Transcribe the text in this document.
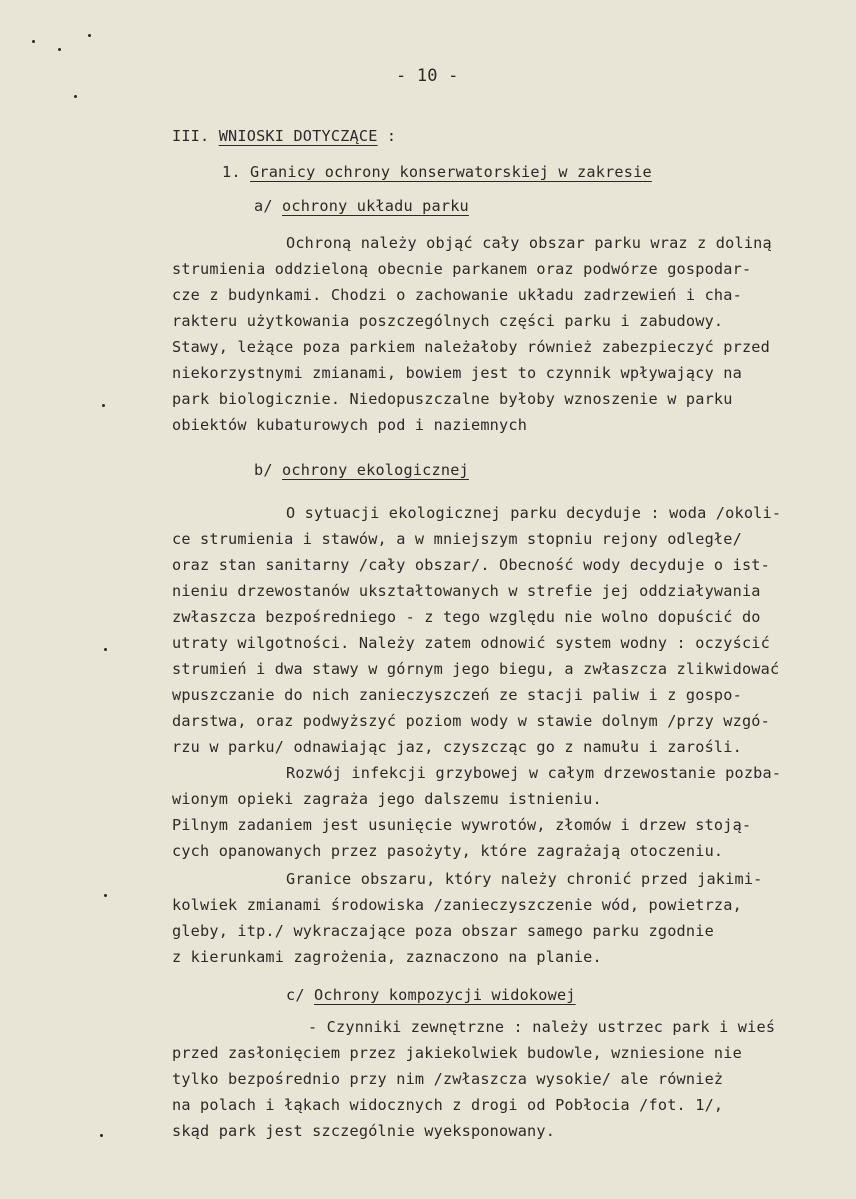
- 10 -
III. WNIOSKI DOTYCZĄCE :
1. Granicy ochrony konserwatorskiej w zakresie
a/ ochrony układu parku
Ochroną należy objąć cały obszar parku wraz z doliną
strumienia oddzieloną obecnie parkanem oraz podwórze gospodar-
cze z budynkami. Chodzi o zachowanie układu zadrzewień i cha-
rakteru użytkowania poszczególnych części parku i zabudowy.
Stawy, leżące poza parkiem należałoby również zabezpieczyć przed
niekorzystnymi zmianami, bowiem jest to czynnik wpływający na
park biologicznie. Niedopuszczalne byłoby wznoszenie w parku
obiektów kubaturowych pod i naziemnych
b/ ochrony ekologicznej
O sytuacji ekologicznej parku decyduje : woda /okoli-
ce strumienia i stawów, a w mniejszym stopniu rejony odległe/
oraz stan sanitarny /cały obszar/. Obecność wody decyduje o ist-
nieniu drzewostanów ukształtowanych w strefie jej oddziaływania
zwłaszcza bezpośredniego - z tego względu nie wolno dopuścić do
utraty wilgotności. Należy zatem odnowić system wodny : oczyścić
strumień i dwa stawy w górnym jego biegu, a zwłaszcza zlikwidować
wpuszczanie do nich zanieczyszczeń ze stacji paliw i z gospo-
darstwa, oraz podwyższyć poziom wody w stawie dolnym /przy wzgó-
rzu w parku/ odnawiając jaz, czyszcząc go z namułu i zarośli.
Rozwój infekcji grzybowej w całym drzewostanie pozba-
wionym opieki zagraża jego dalszemu istnieniu.
Pilnym zadaniem jest usunięcie wywrotów, złomów i drzew stoją-
cych opanowanych przez pasożyty, które zagrażają otoczeniu.
Granice obszaru, który należy chronić przed jakimi-
kolwiek zmianami środowiska /zanieczyszczenie wód, powietrza,
gleby, itp./ wykraczające poza obszar samego parku zgodnie
z kierunkami zagrożenia, zaznaczono na planie.
c/ Ochrony kompozycji widokowej
- Czynniki zewnętrzne : należy ustrzec park i wieś
przed zasłonięciem przez jakiekolwiek budowle, wzniesione nie
tylko bezpośrednio przy nim /zwłaszcza wysokie/ ale również
na polach i łąkach widocznych z drogi od Pobłocia /fot. 1/,
skąd park jest szczególnie wyeksponowany.
